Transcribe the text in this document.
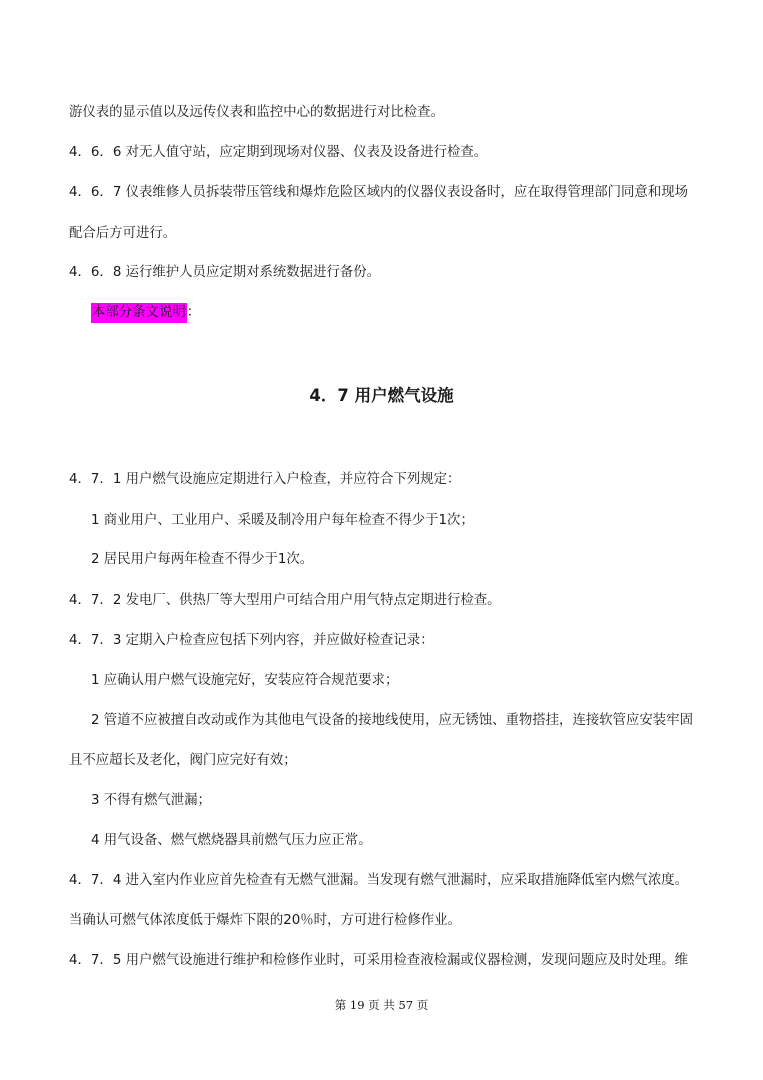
游仪表的显示值以及远传仪表和监控中心的数据进行对比检查。
4．6．6 对无人值守站，应定期到现场对仪器、仪表及设备进行检查。
4．6．7 仪表维修人员拆装带压管线和爆炸危险区域内的仪器仪表设备时，应在取得管理部门同意和现场
配合后方可进行。
4．6．8 运行维护人员应定期对系统数据进行备份。
本部分条文说明：
4．7 用户燃气设施
4．7．1 用户燃气设施应定期进行入户检查，并应符合下列规定：
1 商业用户、工业用户、采暖及制冷用户每年检查不得少于1次；
2 居民用户每两年检查不得少于1次。
4．7．2 发电厂、供热厂等大型用户可结合用户用气特点定期进行检查。
4．7．3 定期入户检查应包括下列内容，并应做好检查记录：
1 应确认用户燃气设施完好，安装应符合规范要求；
2 管道不应被擅自改动或作为其他电气设备的接地线使用，应无锈蚀、重物搭挂，连接软管应安装牢固
且不应超长及老化，阀门应完好有效；
3 不得有燃气泄漏；
4 用气设备、燃气燃烧器具前燃气压力应正常。
4．7．4 进入室内作业应首先检查有无燃气泄漏。当发现有燃气泄漏时，应采取措施降低室内燃气浓度。
当确认可燃气体浓度低于爆炸下限的20％时，方可进行检修作业。
4．7．5 用户燃气设施进行维护和检修作业时，可采用检查液检漏或仪器检测，发现问题应及时处理。维
第 19 页 共 57 页
